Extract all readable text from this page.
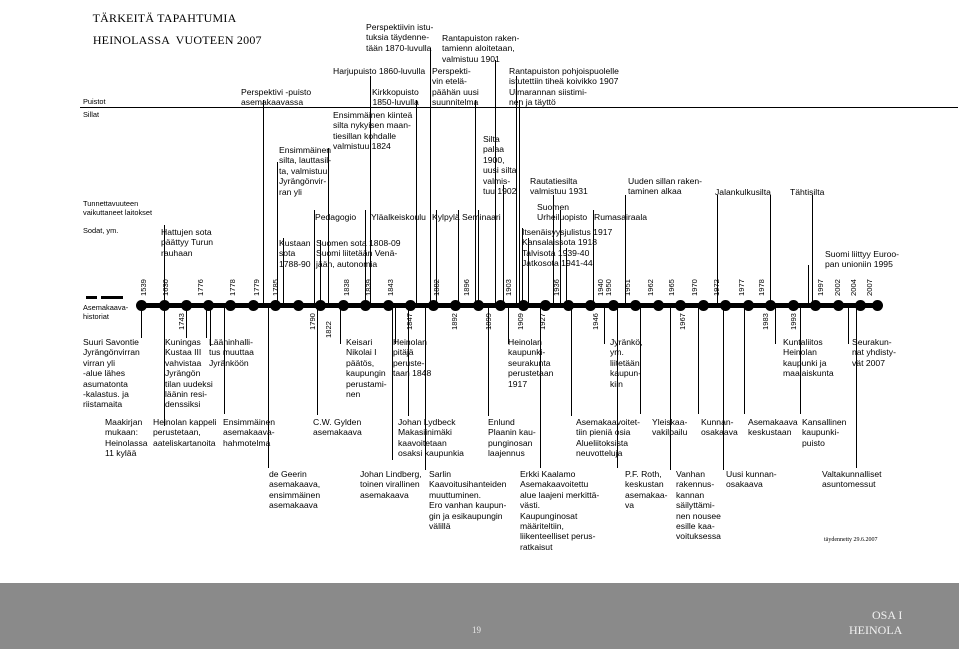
TÄRKEITÄ TAPAHTUMIA

HEINOLASSA  VUOTEEN 2007

Puistot
Sillat
Tunnettavuuteen
vaikuttaneet laitokset
Sodat, ym.
Asemakaava-
historiat
1539 1630	1776	1778 1779 1785
1822
1838 1839 1843	1882	1896	1903	1936	1940
1950 1951 1962 1965 1970 1972 1977 1978	1997 2002 2004 2007
1743	1790	1847	1892	1899	1909 1927	1946	1967	1983	1993
Perspektiivin istu-
tuksia täydenne-
tään 1870-luvulla
Harjupuisto 1860-luvulla
Perspektivi -puisto
asemakaavassa
Kirkkopuisto
1850-luvulla
Perspekti-
vin etelä-
päähän uusi
suunnitelma
Rantapuiston raken-
tamienn aloitetaan,
valmistuu 1901
Rantapuiston pohjoispuolelle
istutettiin tiheä koivikko 1907
Uimarannan siistimi-
nen ja täyttö
Ensimmäinen kiinteä
silta nykyisen maan-
tiesillan kohdalle
valmistuu 1824
Ensimmäinen
silta, lauttasil-
ta, valmistuu
Jyrängönvir-
ran yli
Silta
palaa
1900,
uusi silta
valmis-
tuu 1902
Rautatiesilta
valmistuu 1931
Uuden sillan raken-
taminen alkaa	Jalankulkusilta Tähtisilta
Pedagogio Yläalkeiskoulu Kylpylä Seminaari
Suomen
Urheiluopisto Rumasairaala
Hattujen sota
päättyy Turun
rauhaan
Kustaan
sota
1788-90
Suomen sota 1808-09
Suomi liitetään Venä-
jään, autonomia
Itsenäisyysjulistus 1917
Kansalaissota 1918
Talvisota 1939-40
Jatkosota 1941-44
Suomi liittyy Euroo-
pan unioniin 1995
Suuri Savontie
Jyrängönvirran
virran yli
-alue lähes
asumatonta
-kalastus. ja
riistamaita
Kuningas
Kustaa III
vahvistaa
Jyrängön
tilan uudeksi
läänin resi-
denssiksi
Lääninhalli-
tus muuttaa
Jyränköön
Keisari
Nikolai I
päätös,
kaupungin
perustami-
nen
Heinolan
pitäjä
peruste-
taan 1848
Heinolan
kaupunki-
seurakunta
perustetaan
1917
Jyränkö,
ym.
liitetään
kaupun-
kiin
Kuntaliitos
Heinolan
kaupunki ja
maalaiskunta
Seurakun-
nat yhdisty-
vät 2007
Maakirjan
mukaan:
Heinolassa
11 kylää
Heinolan kappeli
perustetaan,
aateliskartanoita
Ensimmäinen
asemakaava-
hahmotelma
C.W. Gylden
asemakaava
Johan Lydbeck
Makasiinimäki
kaavoitetaan
osaksi kaupunkia
Enlund
Plaanin kau-
punginosan
laajennus
Asemakaavoitet-
tiin pieniä osia
Alueliitoksista
neuvotteluja
Yleiskaa-
vakilpailu
Kunnan-
osakaava
Asemakaava
keskustaan
Kansallinen
kaupunki-
puisto
de Geerin
asemakaava,
ensimmäinen
asemakaava
Johan Lindberg,
toinen virallinen
asemakaava
Sarlin
Kaavoitusihanteiden
muuttuminen.
Ero vanhan kaupun-
gin ja esikaupungin
välillä
Erkki Kaalamo
Asemakaavoitettu
alue laajeni merkittä-
västi.
Kaupunginosat
määriteltiin,
liikenteelliset perus-
ratkaisut
P.F. Roth,
keskustan
asemakaa-
va
Vanhan
rakennus-
kannan
säilyttämi-
nen nousee
esille kaa-
voituksessa
Uusi kunnan-
osakaava
Valtakunnalliset
asuntomessut
täydennetty 29.6.2007
19
OSA I
HEINOLA
